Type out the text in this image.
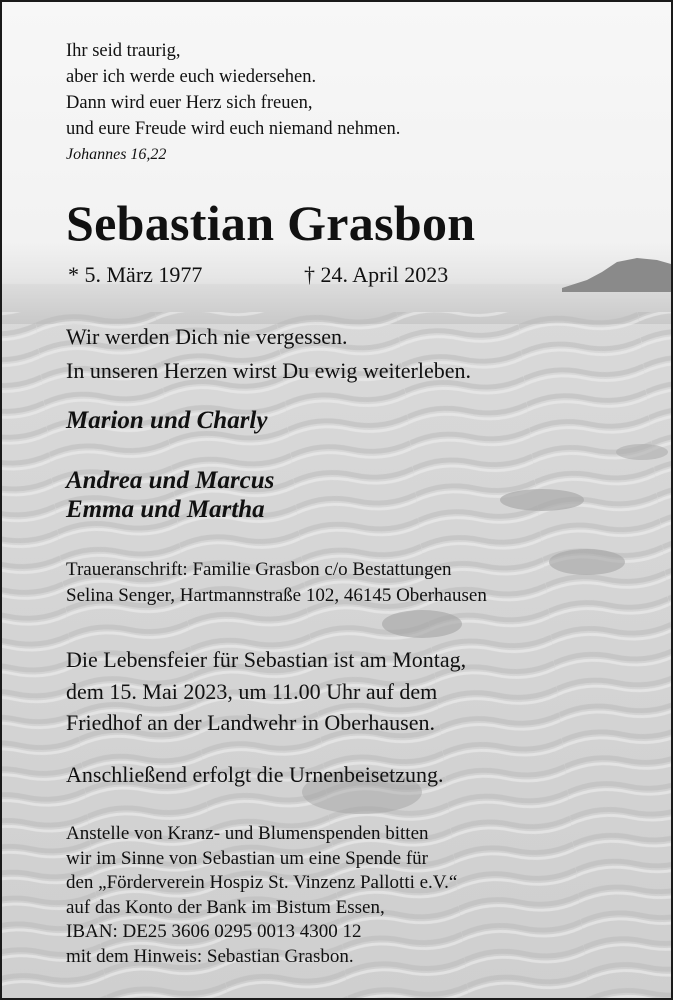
Ihr seid traurig,
aber ich werde euch wiedersehen.
Dann wird euer Herz sich freuen,
und eure Freude wird euch niemand nehmen.

Johannes 16,22

Sebastian Grasbon
* 5. März 1977	† 24. April 2023

Wir werden Dich nie vergessen.

In unseren Herzen wirst Du ewig weiterleben.

Marion und Charly

Andrea und Marcus

Emma und Martha

Traueranschrift: Familie Grasbon c/o Bestattungen
Selina Senger, Hartmannstraße 102, 46145 Oberhausen
Die Lebensfeier für Sebastian ist am Montag,
dem 15. Mai 2023, um 11.00 Uhr auf dem
Friedhof an der Landwehr in Oberhausen.

Anschließend erfolgt die Urnenbeisetzung.

Anstelle von Kranz- und Blumenspenden bitten
wir im Sinne von Sebastian um eine Spende für
den „Förderverein Hospiz St. Vinzenz Pallotti e.V.“
auf das Konto der Bank im Bistum Essen,
IBAN: DE25 3606 0295 0013 4300 12
mit dem Hinweis: Sebastian Grasbon.
